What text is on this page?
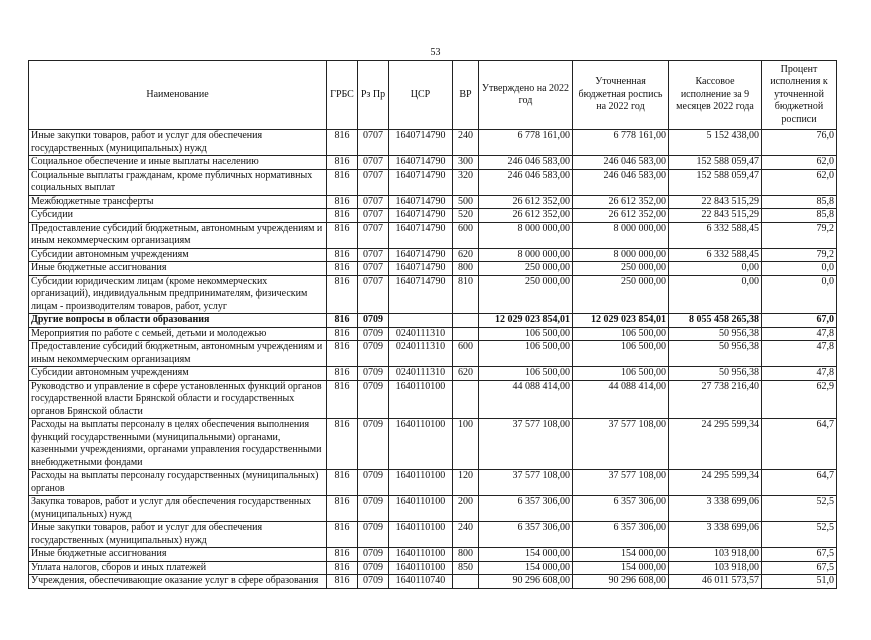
53
Наименование	ГРБС	Рз Пр	ЦСР	ВР	Утверждено на 2022 год	Уточненная бюджетная роспись на 2022 год	Кассовое исполнение за 9 месяцев 2022 года	Процент исполнения к уточненной бюджетной росписи
Иные закупки товаров, работ и услуг для обеспечения государственных (муниципальных) нужд	816	0707	1640714790	240	6 778 161,00	6 778 161,00	5 152 438,00	76,0
Социальное обеспечение и иные выплаты населению	816	0707	1640714790	300	246 046 583,00	246 046 583,00	152 588 059,47	62,0
Социальные выплаты гражданам, кроме публичных нормативных социальных выплат	816	0707	1640714790	320	246 046 583,00	246 046 583,00	152 588 059,47	62,0
Межбюджетные трансферты	816	0707	1640714790	500	26 612 352,00	26 612 352,00	22 843 515,29	85,8
Субсидии	816	0707	1640714790	520	26 612 352,00	26 612 352,00	22 843 515,29	85,8
Предоставление субсидий бюджетным, автономным учреждениям и иным некоммерческим организациям	816	0707	1640714790	600	8 000 000,00	8 000 000,00	6 332 588,45	79,2
Субсидии автономным учреждениям	816	0707	1640714790	620	8 000 000,00	8 000 000,00	6 332 588,45	79,2
Иные бюджетные ассигнования	816	0707	1640714790	800	250 000,00	250 000,00	0,00	0,0
Субсидии юридическим лицам (кроме некоммерческих организаций), индивидуальным предпринимателям, физическим лицам - производителям товаров, работ, услуг	816	0707	1640714790	810	250 000,00	250 000,00	0,00	0,0
Другие вопросы в области образования	816	0709			12 029 023 854,01	12 029 023 854,01	8 055 458 265,38	67,0
Мероприятия по работе с семьей, детьми и молодежью	816	0709	0240111310		106 500,00	106 500,00	50 956,38	47,8
Предоставление субсидий бюджетным, автономным учреждениям и иным некоммерческим организациям	816	0709	0240111310	600	106 500,00	106 500,00	50 956,38	47,8
Субсидии автономным учреждениям	816	0709	0240111310	620	106 500,00	106 500,00	50 956,38	47,8
Руководство и управление в сфере установленных функций органов государственной власти Брянской области и государственных органов Брянской области	816	0709	1640110100		44 088 414,00	44 088 414,00	27 738 216,40	62,9
Расходы на выплаты персоналу в целях обеспечения выполнения функций государственными (муниципальными) органами, казенными учреждениями, органами управления государственными внебюджетными фондами	816	0709	1640110100	100	37 577 108,00	37 577 108,00	24 295 599,34	64,7
Расходы на выплаты персоналу государственных (муниципальных) органов	816	0709	1640110100	120	37 577 108,00	37 577 108,00	24 295 599,34	64,7
Закупка товаров, работ и услуг для обеспечения государственных (муниципальных) нужд	816	0709	1640110100	200	6 357 306,00	6 357 306,00	3 338 699,06	52,5
Иные закупки товаров, работ и услуг для обеспечения государственных (муниципальных) нужд	816	0709	1640110100	240	6 357 306,00	6 357 306,00	3 338 699,06	52,5
Иные бюджетные ассигнования	816	0709	1640110100	800	154 000,00	154 000,00	103 918,00	67,5
Уплата налогов, сборов и иных платежей	816	0709	1640110100	850	154 000,00	154 000,00	103 918,00	67,5
Учреждения, обеспечивающие оказание услуг в сфере образования	816	0709	1640110740		90 296 608,00	90 296 608,00	46 011 573,57	51,0
